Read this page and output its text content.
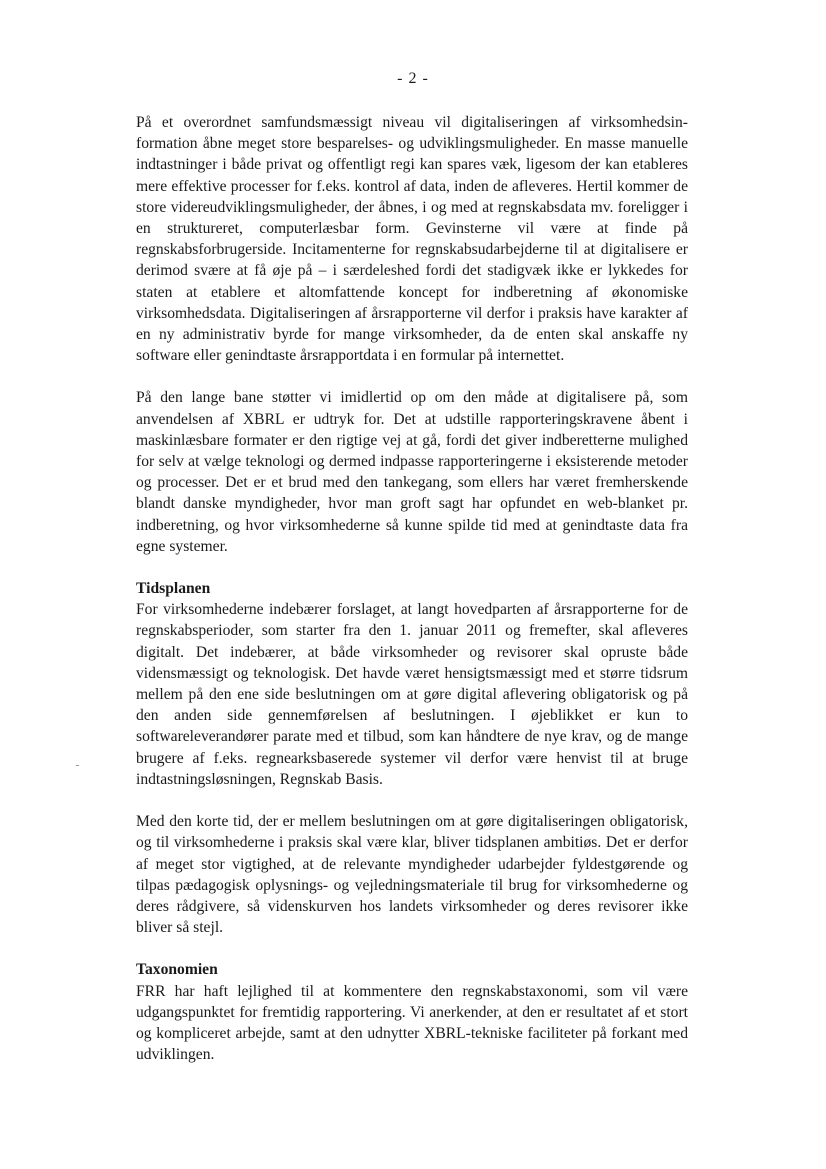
- 2 -

På et overordnet samfundsmæssigt niveau vil digitaliseringen af virksomhedsinformation åbne meget store besparelses- og udviklingsmuligheder. En masse manuelle indtastninger i både privat og offentligt regi kan spares væk, ligesom der kan etableres mere effektive processer for f.eks. kontrol af data, inden de afleveres. Hertil kommer de store videreudviklingsmuligheder, der åbnes, i og med at regnskabsdata mv. foreligger i en struktureret, computerlæsbar form. Gevinsterne vil være at finde på regnskabsforbrugerside. Incitamenterne for regnskabsudarbejderne til at digitalisere er derimod svære at få øje på – i særdeleshed fordi det stadigvæk ikke er lykkedes for staten at etablere et altomfattende koncept for indberetning af økonomiske virksomhedsdata. Digitaliseringen af årsrapporterne vil derfor i praksis have karakter af en ny administrativ byrde for mange virksomheder, da de enten skal anskaffe ny software eller genindtaste årsrapportdata i en formular på internettet.

På den lange bane støtter vi imidlertid op om den måde at digitalisere på, som anvendelsen af XBRL er udtryk for. Det at udstille rapporteringskravene åbent i maskinlæsbare formater er den rigtige vej at gå, fordi det giver indberetterne mulighed for selv at vælge teknologi og dermed indpasse rapporteringerne i eksisterende metoder og processer. Det er et brud med den tankegang, som ellers har været fremherskende blandt danske myndigheder, hvor man groft sagt har opfundet en web-blanket pr. indberetning, og hvor virksomhederne så kunne spilde tid med at genindtaste data fra egne systemer.

Tidsplanen

For virksomhederne indebærer forslaget, at langt hovedparten af årsrapporterne for de regnskabsperioder, som starter fra den 1. januar 2011 og fremefter, skal afleveres digitalt. Det indebærer, at både virksomheder og revisorer skal opruste både vidensmæssigt og teknologisk. Det havde været hensigtsmæssigt med et større tidsrum mellem på den ene side beslutningen om at gøre digital aflevering obligatorisk og på den anden side gennemførelsen af beslutningen. I øjeblikket er kun to softwareleverandører parate med et tilbud, som kan håndtere de nye krav, og de mange brugere af f.eks. regnearksbaserede systemer vil derfor være henvist til at bruge indtastningsløsningen, Regnskab Basis.

Med den korte tid, der er mellem beslutningen om at gøre digitaliseringen obligatorisk, og til virksomhederne i praksis skal være klar, bliver tidsplanen ambitiøs. Det er derfor af meget stor vigtighed, at de relevante myndigheder udarbejder fyldestgørende og tilpas pædagogisk oplysnings- og vejledningsmateriale til brug for virksomhederne og deres rådgivere, så videnskurven hos landets virksomheder og deres revisorer ikke bliver så stejl.

Taxonomien

FRR har haft lejlighed til at kommentere den regnskabstaxonomi, som vil være udgangspunktet for fremtidig rapportering. Vi anerkender, at den er resultatet af et stort og kompliceret arbejde, samt at den udnytter XBRL-tekniske faciliteter på forkant med udviklingen.
